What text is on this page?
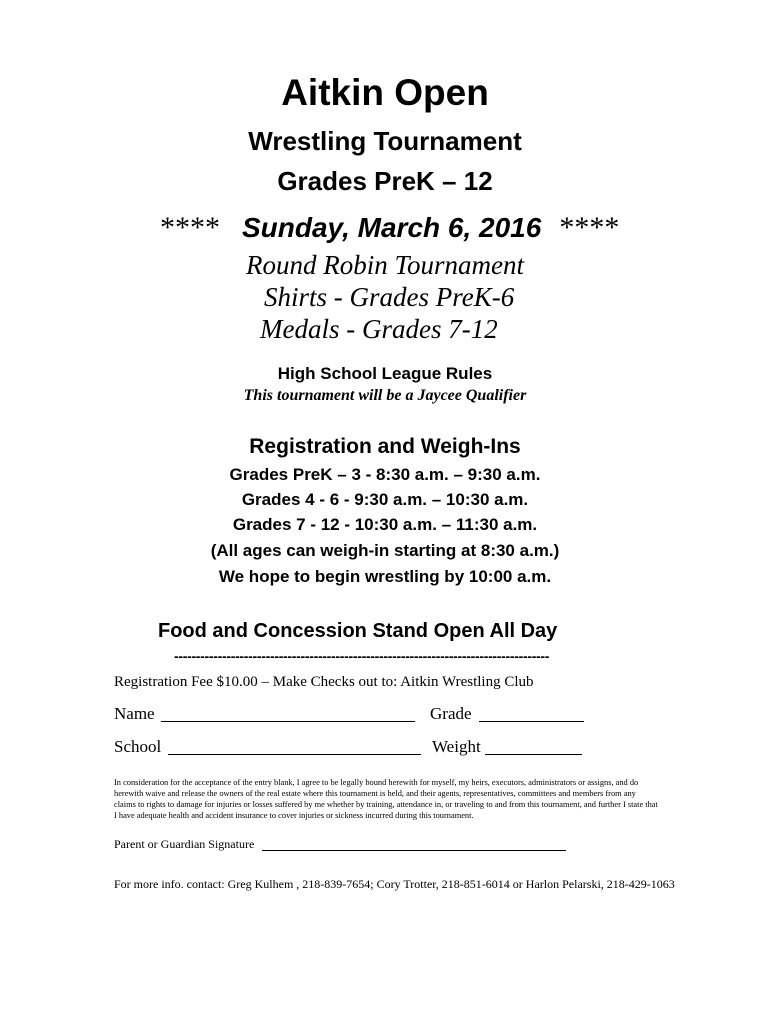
Aitkin Open
Wrestling Tournament
Grades PreK – 12
**** Sunday, March 6, 2016 ****
Round Robin Tournament
Shirts - Grades PreK-6
Medals - Grades 7-12
High School League Rules
This tournament will be a Jaycee Qualifier
Registration and Weigh-Ins
Grades PreK – 3 - 8:30 a.m. – 9:30 a.m.
Grades 4 - 6 - 9:30 a.m. – 10:30 a.m.
Grades 7 - 12 - 10:30 a.m. – 11:30 a.m.
(All ages can weigh-in starting at 8:30 a.m.)
We hope to begin wrestling by 10:00 a.m.
Food and Concession Stand Open All Day
--------------------------------------------------------------------------------------
Registration Fee $10.00 – Make Checks out to: Aitkin Wrestling Club
Name	Grade
School	Weight
In consideration for the acceptance of the entry blank, I agree to be legally bound herewith for myself, my heirs, executors, administrators or assigns, and do herewith waive and release the owners of the real estate where this tournament is held, and their agents, representatives, committees and members from any claims to rights to damage for injuries or losses suffered by me whether by training, attendance in, or traveling to and from this tournament, and further I state that I have adequate health and accident insurance to cover injuries or sickness incurred during this tournament.
Parent or Guardian Signature
For more info. contact: Greg Kulhem , 218-839-7654; Cory Trotter, 218-851-6014 or Harlon Pelarski, 218-429-1063
